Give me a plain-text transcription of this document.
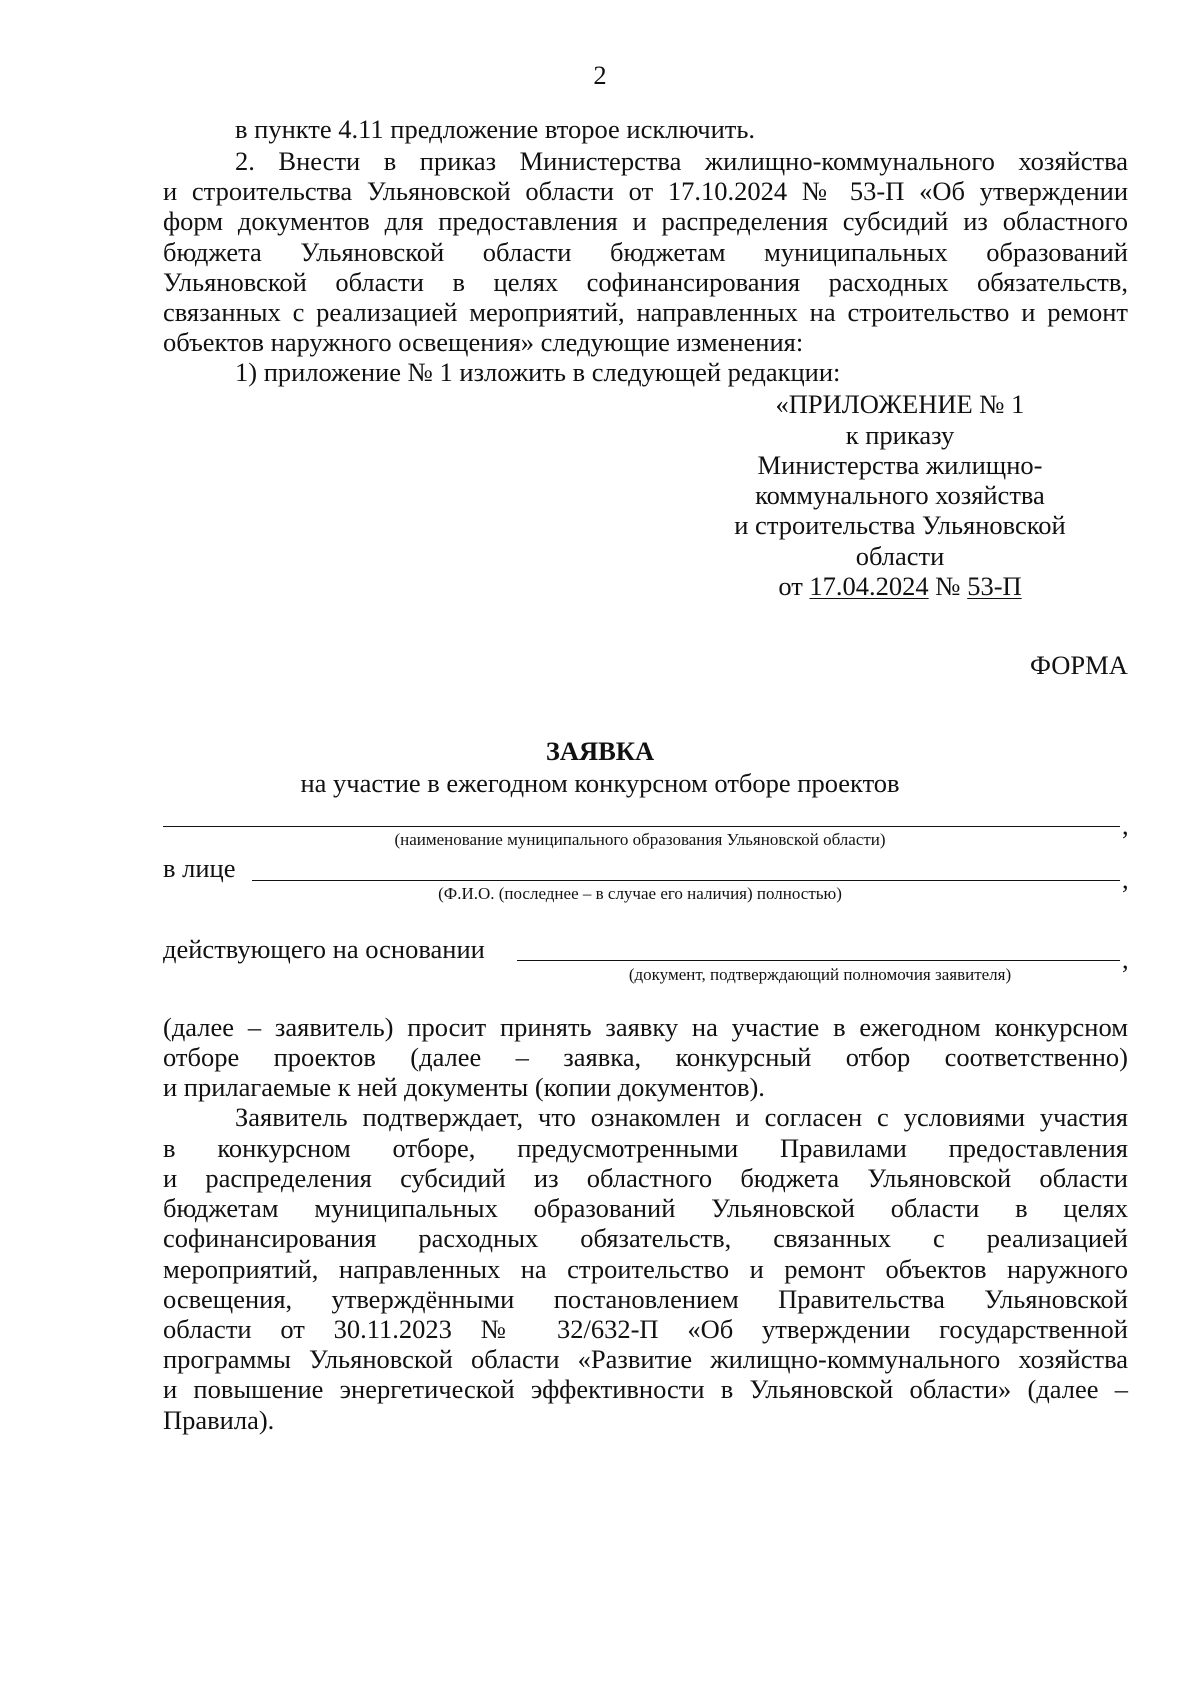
2
в пункте 4.11 предложение второе исключить.
2. Внести в приказ Министерства жилищно-коммунального хозяйства
и строительства Ульяновской области от 17.10.2024 № 53-П «Об утверждении
форм документов для предоставления и распределения субсидий из областного
бюджета Ульяновской области бюджетам муниципальных образований
Ульяновской области в целях софинансирования расходных обязательств,
связанных с реализацией мероприятий, направленных на строительство и ремонт
объектов наружного освещения» следующие изменения:
1) приложение № 1 изложить в следующей редакции:
«ПРИЛОЖЕНИЕ № 1
к приказу
Министерства жилищно-
коммунального хозяйства
и строительства Ульяновской
области
от 17.04.2024 № 53-П
ФОРМА
ЗАЯВКА
на участие в ежегодном конкурсном отборе проектов
,
(наименование муниципального образования Ульяновской области)
в лице	,
(Ф.И.О. (последнее – в случае его наличия) полностью)
действующего на основании	,
(документ, подтверждающий полномочия заявителя)
(далее – заявитель) просит принять заявку на участие в ежегодном конкурсном
отборе проектов (далее – заявка, конкурсный отбор соответственно)
и прилагаемые к ней документы (копии документов).
Заявитель подтверждает, что ознакомлен и согласен с условиями участия
в конкурсном отборе, предусмотренными Правилами предоставления
и распределения субсидий из областного бюджета Ульяновской области
бюджетам муниципальных образований Ульяновской области в целях
софинансирования расходных обязательств, связанных с реализацией
мероприятий, направленных на строительство и ремонт объектов наружного
освещения, утверждёнными постановлением Правительства Ульяновской
области от 30.11.2023 № 32/632-П «Об утверждении государственной
программы Ульяновской области «Развитие жилищно-коммунального хозяйства
и повышение энергетической эффективности в Ульяновской области» (далее –
Правила).
